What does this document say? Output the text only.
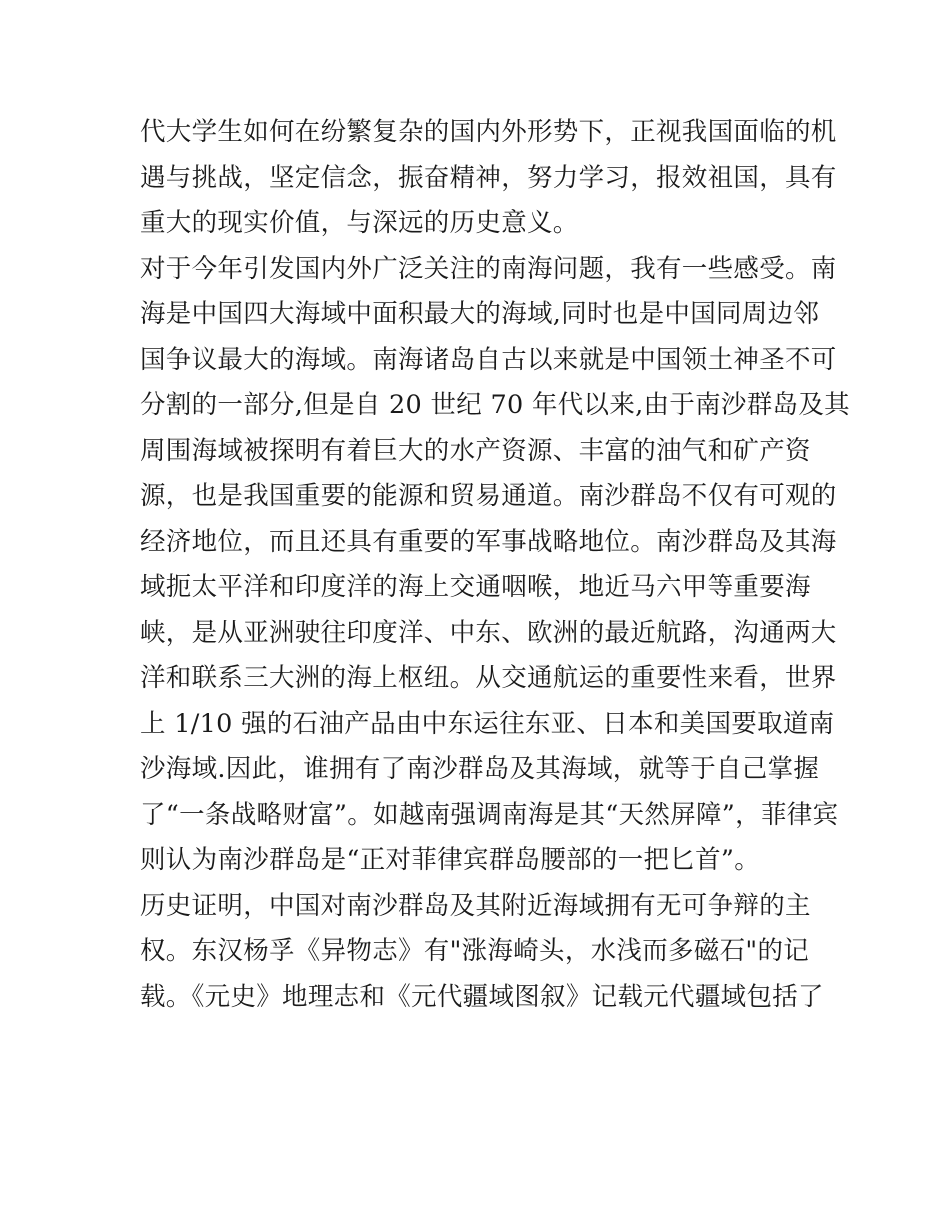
代大学生如何在纷繁复杂的国内外形势下，正视我国面临的机
遇与挑战，坚定信念，振奋精神，努力学习，报效祖国，具有
重大的现实价值，与深远的历史意义。
对于今年引发国内外广泛关注的南海问题，我有一些感受。南
海是中国四大海域中面积最大的海域,同时也是中国同周边邻
国争议最大的海域。南海诸岛自古以来就是中国领土神圣不可
分割的一部分,但是自 20 世纪 70 年代以来,由于南沙群岛及其
周围海域被探明有着巨大的水产资源、丰富的油气和矿产资
源，也是我国重要的能源和贸易通道。南沙群岛不仅有可观的
经济地位，而且还具有重要的军事战略地位。南沙群岛及其海
域扼太平洋和印度洋的海上交通咽喉，地近马六甲等重要海
峡，是从亚洲驶往印度洋、中东、欧洲的最近航路，沟通两大
洋和联系三大洲的海上枢纽。从交通航运的重要性来看，世界
上 1/10 强的石油产品由中东运往东亚、日本和美国要取道南
沙海域.因此，谁拥有了南沙群岛及其海域，就等于自己掌握
了“一条战略财富”。如越南强调南海是其“天然屏障”，菲律宾
则认为南沙群岛是“正对菲律宾群岛腰部的一把匕首”。
历史证明，中国对南沙群岛及其附近海域拥有无可争辩的主
权。东汉杨孚《异物志》有"涨海崎头，水浅而多磁石"的记
载。《元史》地理志和《元代疆域图叙》记载元代疆域包括了
